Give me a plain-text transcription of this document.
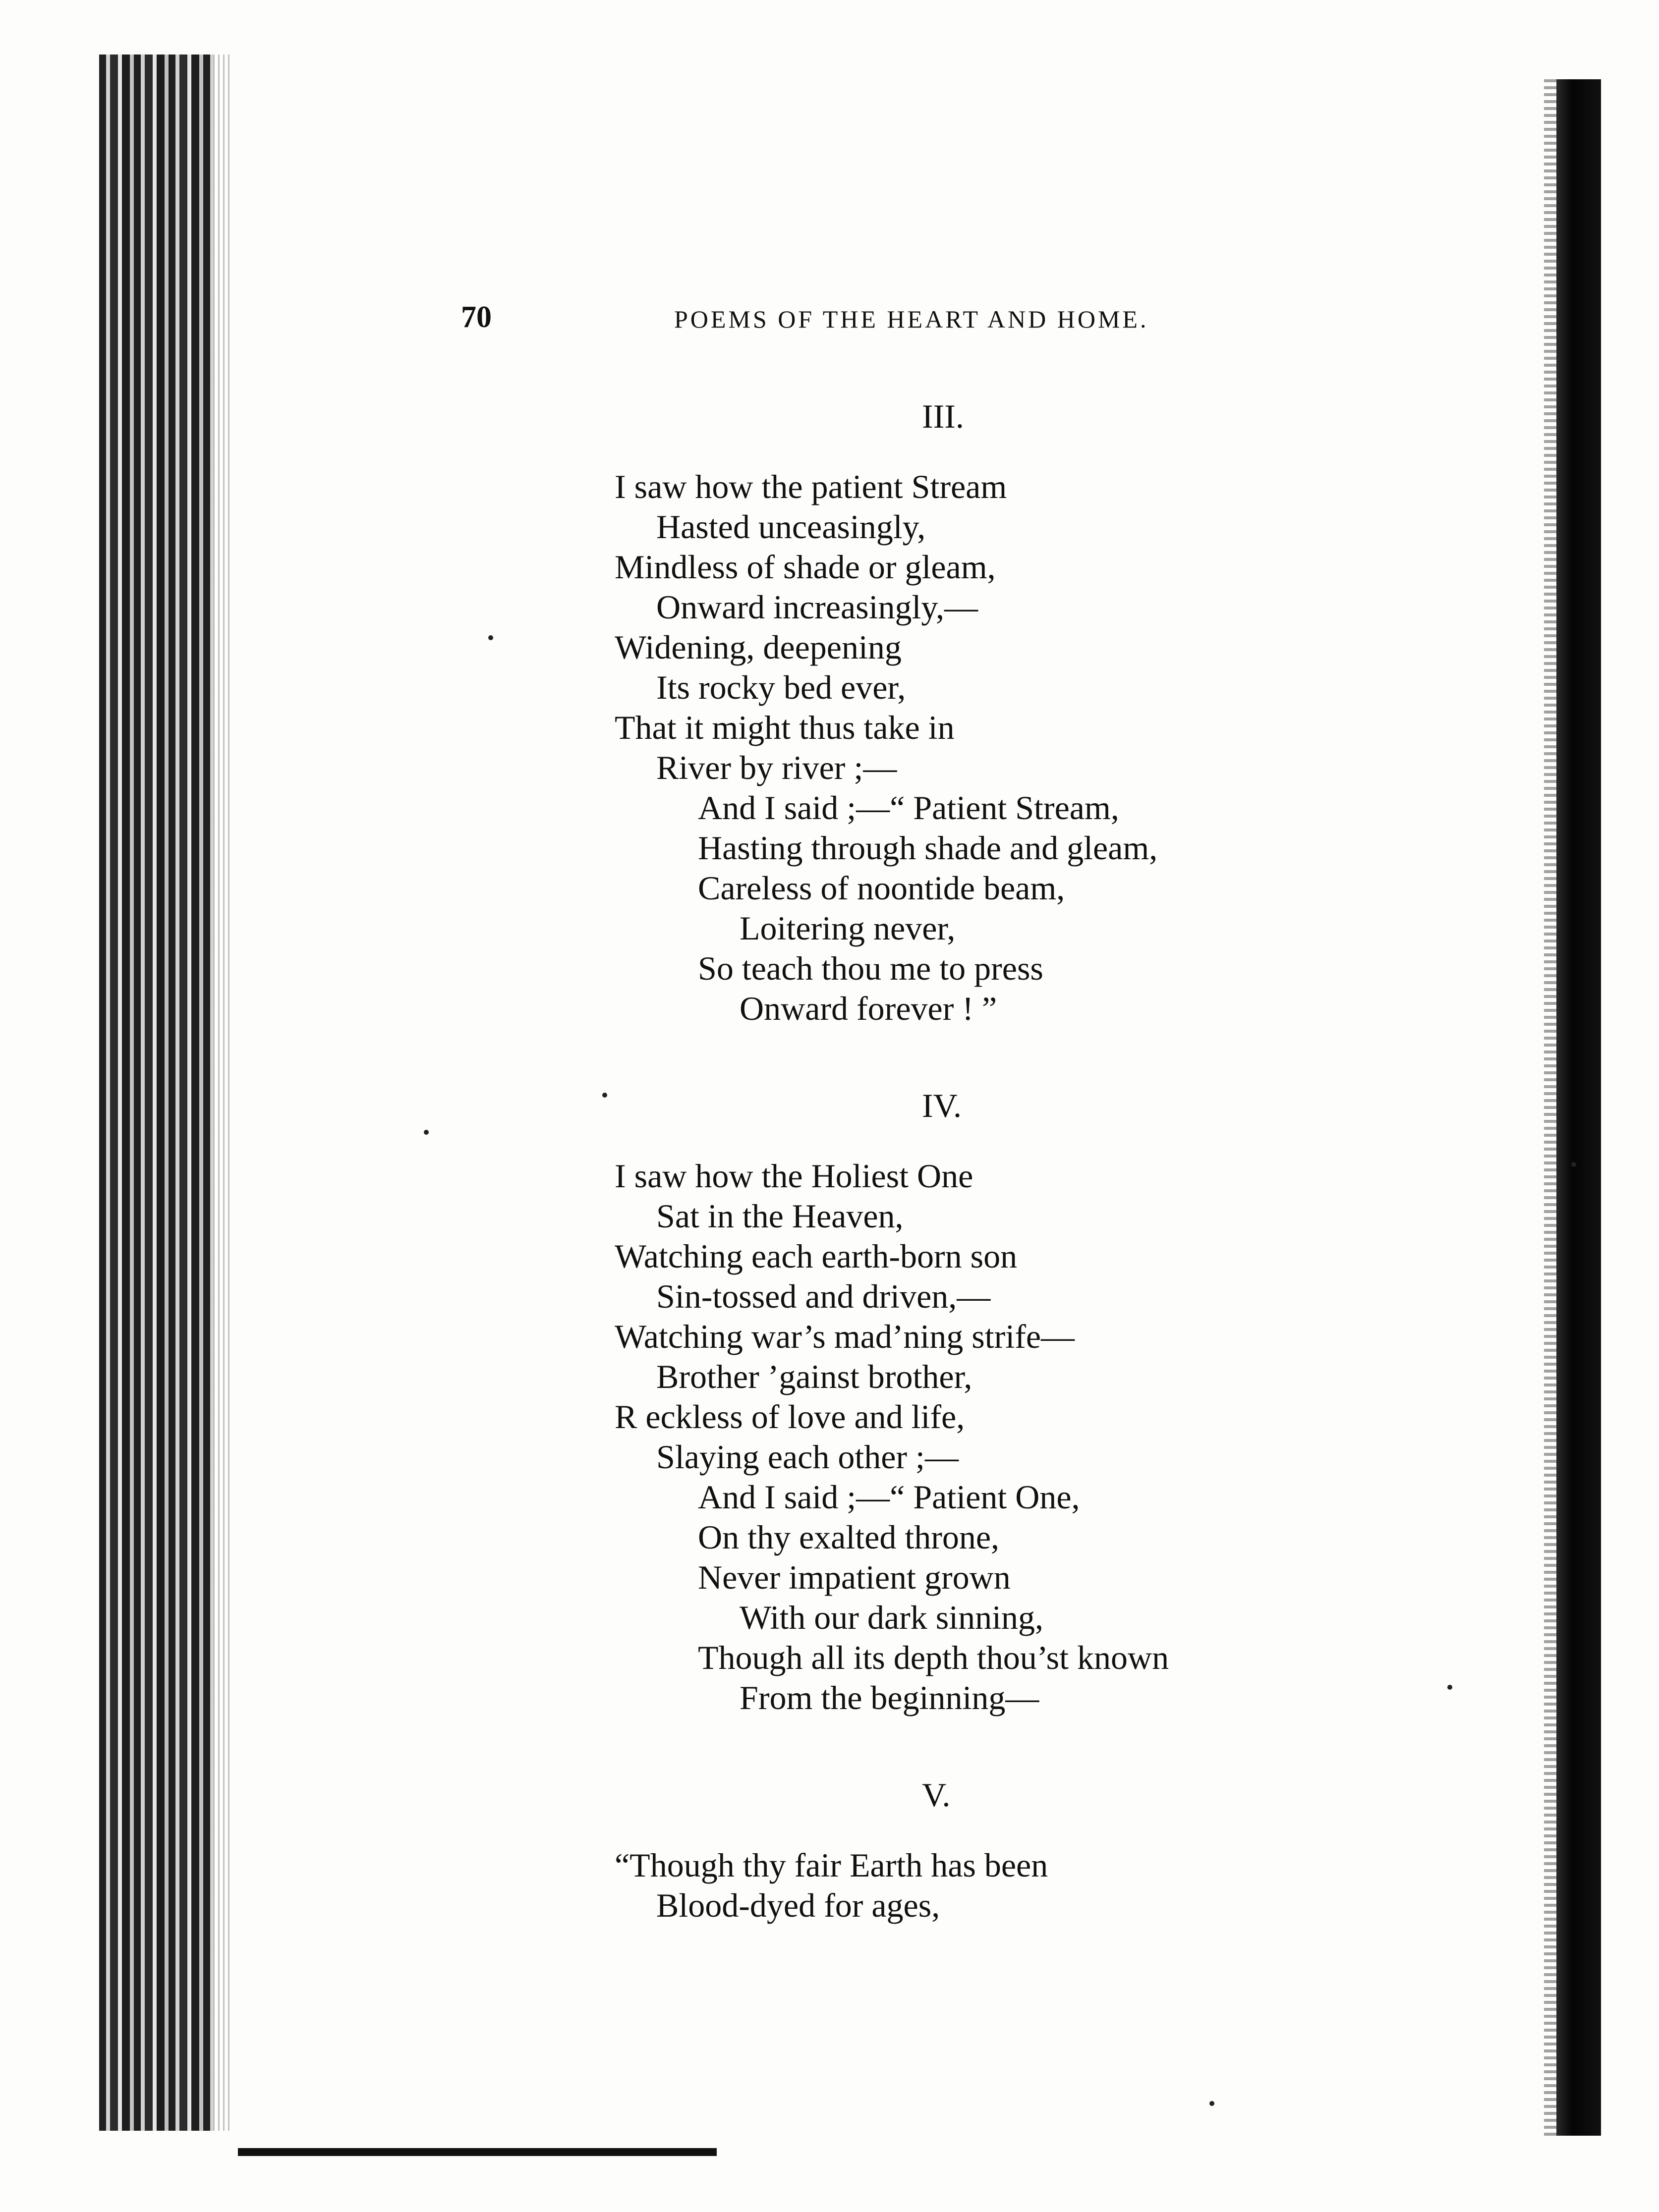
70	POEMS OF THE HEART AND HOME.
III.
I saw how the patient Stream
Hasted unceasingly,
Mindless of shade or gleam,
Onward increasingly,—
Widening, deepening
Its rocky bed ever,
That it might thus take in
River by river ;—
And I said ;—“ Patient Stream,
Hasting through shade and gleam,
Careless of noontide beam,
Loitering never,
So teach thou me to press
Onward forever ! ”
IV.
I saw how the Holiest One
Sat in the Heaven,
Watching each earth-born son
Sin-tossed and driven,—
Watching war’s mad’ning strife—
Brother ’gainst brother,
R eckless of love and life,
Slaying each other ;—
And I said ;—“ Patient One,
On thy exalted throne,
Never impatient grown
With our dark sinning,
Though all its depth thou’st known
From the beginning—
V.
“Though thy fair Earth has been
Blood-dyed for ages,
